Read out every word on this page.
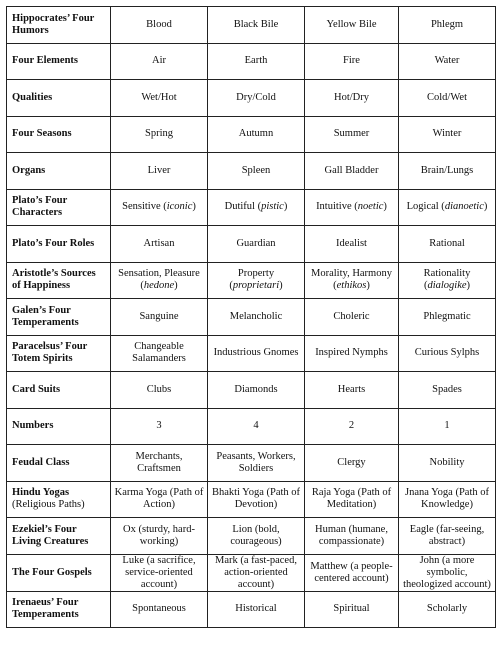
Hippocrates’ Four Humors	Blood	Black Bile	Yellow Bile	Phlegm
Four Elements	Air	Earth	Fire	Water
Qualities	Wet/Hot	Dry/Cold	Hot/Dry	Cold/Wet
Four Seasons	Spring	Autumn	Summer	Winter
Organs	Liver	Spleen	Gall Bladder	Brain/Lungs
Plato’s Four Characters	Sensitive (iconic)	Dutiful (pistic)	Intuitive (noetic)	Logical (dianoetic)
Plato’s Four Roles	Artisan	Guardian	Idealist	Rational
Aristotle’s Sources of Happiness	Sensation, Pleasure (hedone)	Property (proprietari)	Morality, Harmony (ethikos)	Rationality (dialogike)
Galen’s Four Temperaments	Sanguine	Melancholic	Choleric	Phlegmatic
Paracelsus’ Four Totem Spirits	Changeable Salamanders	Industrious Gnomes	Inspired Nymphs	Curious Sylphs
Card Suits	Clubs	Diamonds	Hearts	Spades
Numbers	3	4	2	1
Feudal Class	Merchants, Craftsmen	Peasants, Workers, Soldiers	Clergy	Nobility
Hindu Yogas (Religious Paths)	Karma Yoga (Path of Action)	Bhakti Yoga (Path of Devotion)	Raja Yoga (Path of Meditation)	Jnana Yoga (Path of Knowledge)
Ezekiel’s Four Living Creatures	Ox (sturdy, hard-working)	Lion (bold, courageous)	Human (humane, compassionate)	Eagle (far-seeing, abstract)
The Four Gospels	Luke (a sacrifice, service-oriented account)	Mark (a fast-paced, action-oriented account)	Matthew (a people-centered account)	John (a more symbolic, theologized account)
Irenaeus’ Four Temperaments	Spontaneous	Historical	Spiritual	Scholarly
